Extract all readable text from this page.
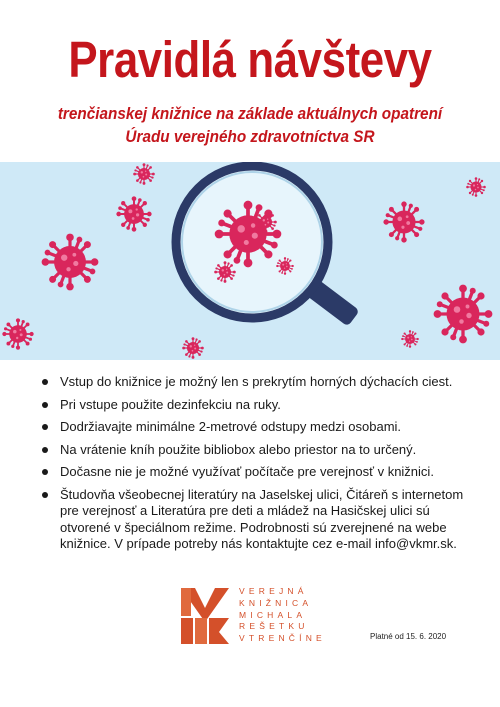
Pravidlá návštevy
trenčianskej knižnice na základe aktuálnych opatrení
Úradu verejného zdravotníctva SR
Vstup do knižnice je možný len s prekrytím horných dýchacích ciest.
Pri vstupe použite dezinfekciu na ruky.
Dodržiavajte minimálne 2-metrové odstupy medzi osobami.
Na vrátenie kníh použite bibliobox alebo priestor na to určený.
Dočasne nie je možné využívať počítače pre verejnosť v knižnici.
Študovňa všeobecnej literatúry na Jaselskej ulici, Čitáreň s internetom pre verejnosť a Literatúra pre deti a mládež na Hasičskej ulici sú otvorené v špeciálnom režime. Podrobnosti sú zverejnené na webe knižnice. V prípade potreby nás kontaktujte cez e-mail info@vkmr.sk.
VEREJNÁ
KNIŽNICA
MICHALA
REŠETKU
VTRENČÍNE	Platné od 15. 6. 2020
